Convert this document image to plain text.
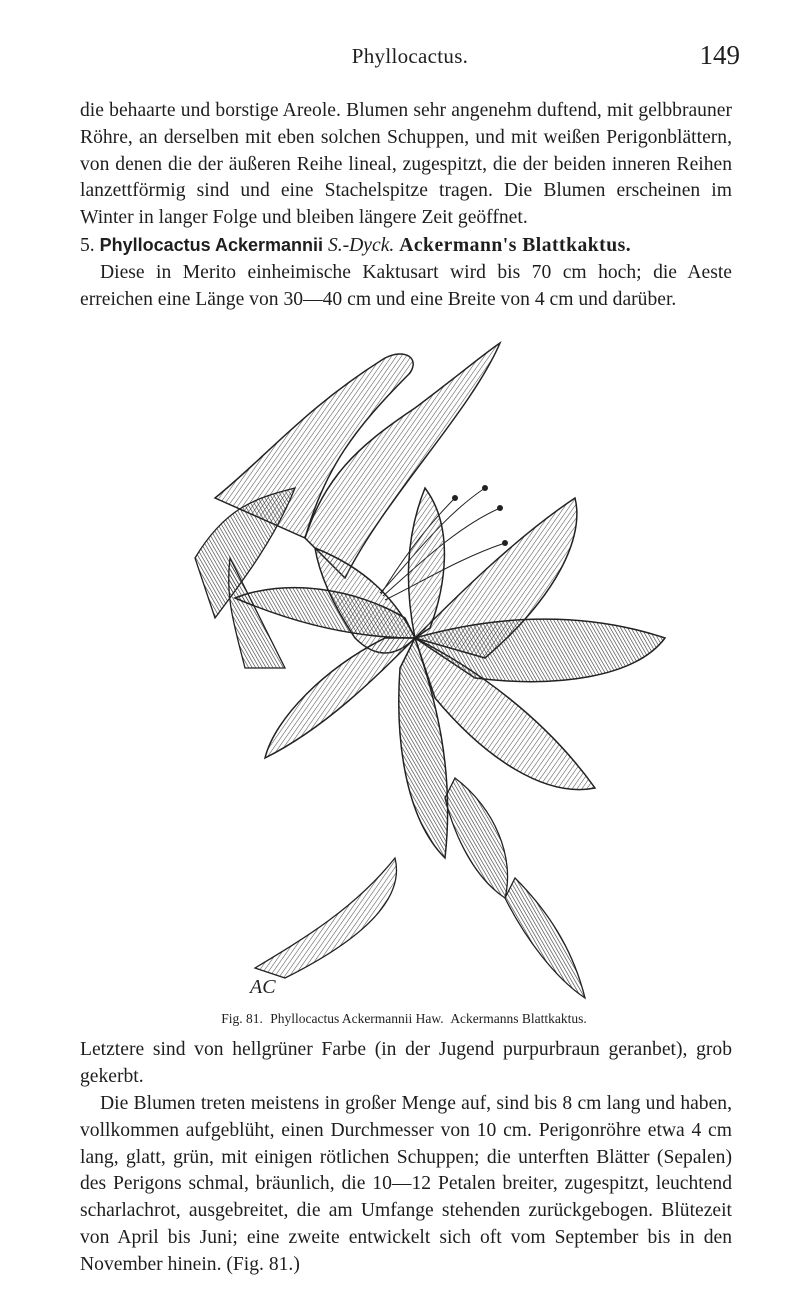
Phyllocactus.	149

die behaarte und borstige Areole. Blumen sehr angenehm duftend, mit gelbbrauner Röhre, an derselben mit eben solchen Schuppen, und mit weißen Perigonblättern, von denen die der äußeren Reihe lineal, zugespitzt, die der beiden inneren Reihen lanzettförmig sind und eine Stachelspitze tragen. Die Blumen erscheinen im Winter in langer Folge und bleiben längere Zeit geöffnet.

5. Phyllocactus Ackermannii S.-Dyck. Ackermann's Blattkaktus.
Diese in Merito einheimische Kaktusart wird bis 70 cm hoch; die Aeste erreichen eine Länge von 30—40 cm und eine Breite von 4 cm und darüber.

AC
Fig. 81. Phyllocactus Ackermannii Haw. Ackermanns Blattkaktus.

Letztere sind von hellgrüner Farbe (in der Jugend purpurbraun geranbet), grob gekerbt.

Die Blumen treten meistens in großer Menge auf, sind bis 8 cm lang und haben, vollkommen aufgeblüht, einen Durchmesser von 10 cm. Perigonröhre etwa 4 cm lang, glatt, grün, mit einigen rötlichen Schuppen; die unterften Blätter (Sepalen) des Perigons schmal, bräunlich, die 10—12 Petalen breiter, zugespitzt, leuchtend scharlachrot, ausgebreitet, die am Umfange stehenden zurückgebogen. Blütezeit von April bis Juni; eine zweite entwickelt sich oft vom September bis in den November hinein. (Fig. 81.)
